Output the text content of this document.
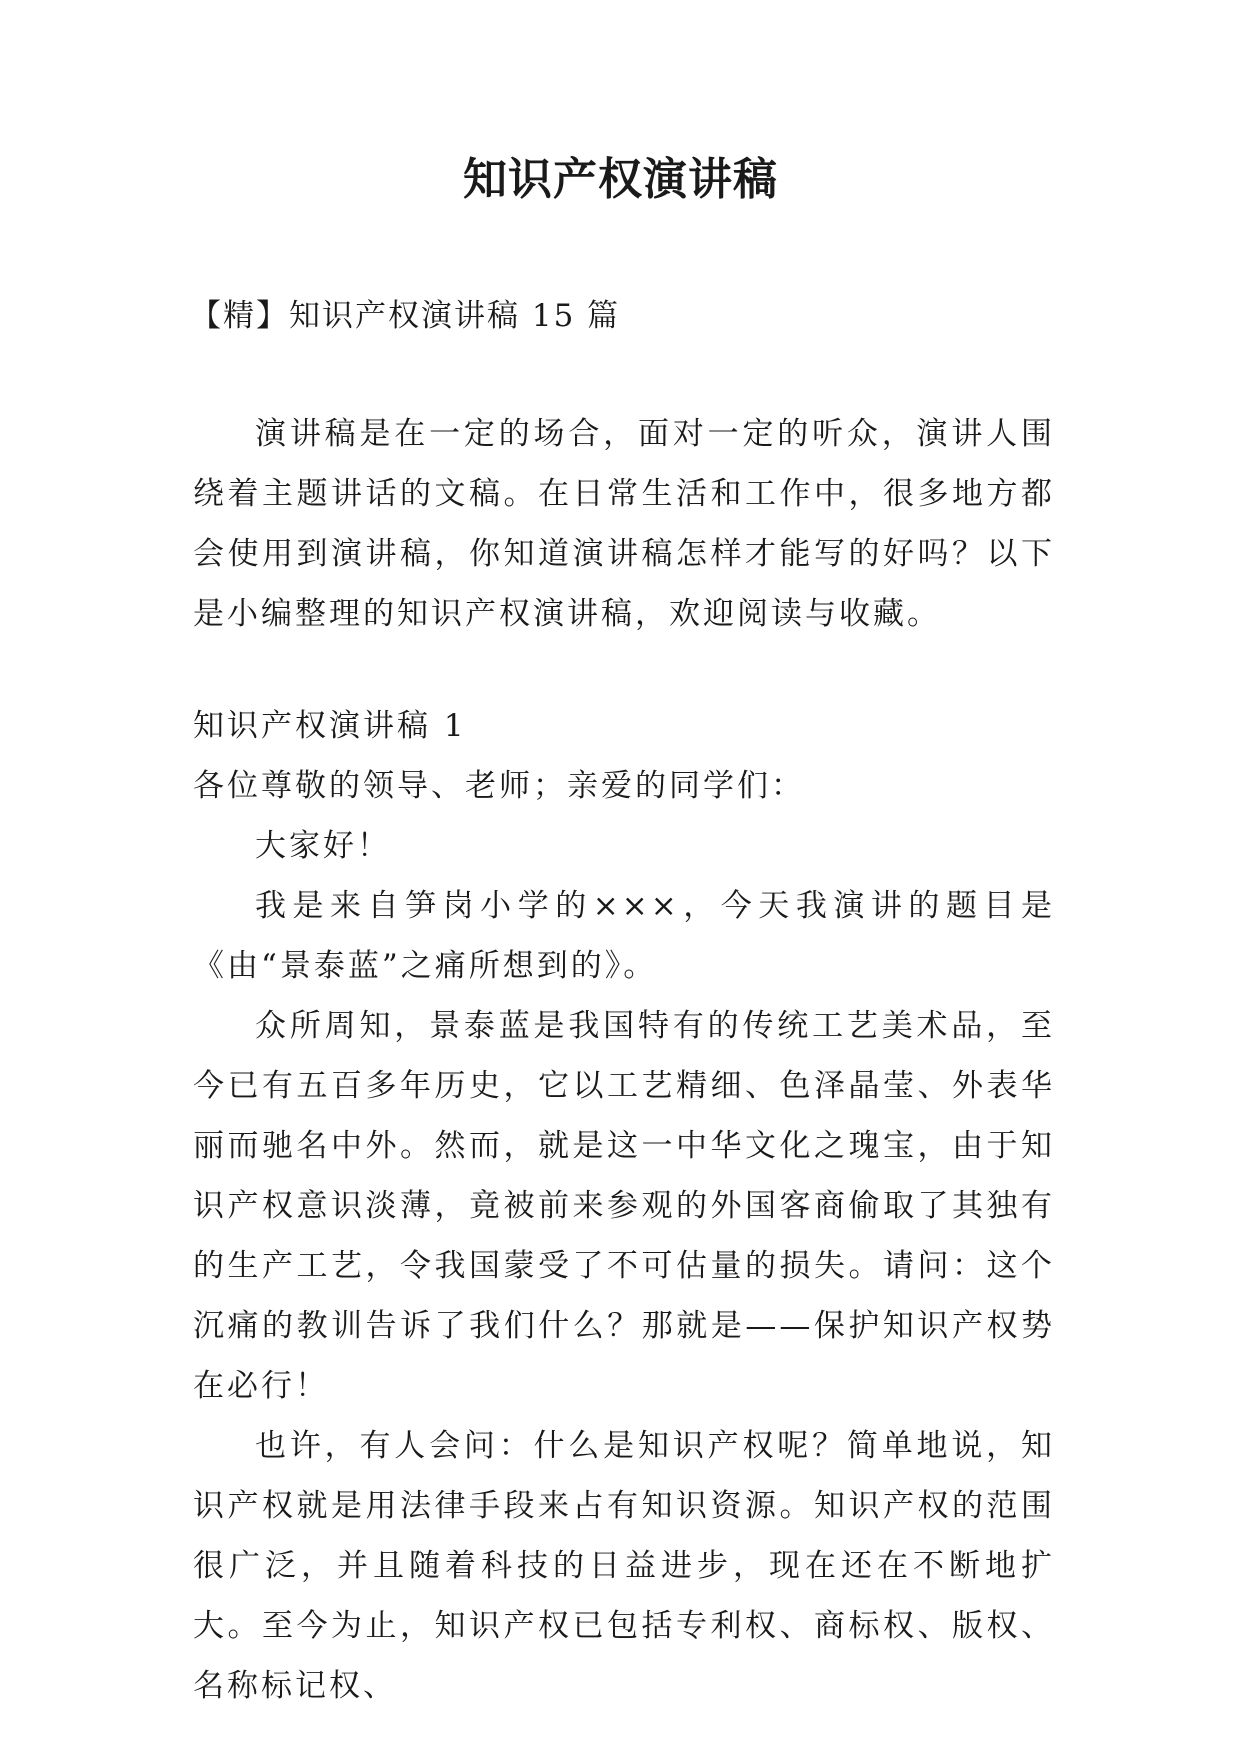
知识产权演讲稿
【精】知识产权演讲稿 15 篇

演讲稿是在一定的场合，面对一定的听众，演讲人围绕着主题讲话的文稿。在日常生活和工作中，很多地方都会使用到演讲稿，你知道演讲稿怎样才能写的好吗？以下是小编整理的知识产权演讲稿，欢迎阅读与收藏。

知识产权演讲稿 1

各位尊敬的领导、老师；亲爱的同学们：

大家好！

我是来自笋岗小学的×××，今天我演讲的题目是《由“景泰蓝”之痛所想到的》。

众所周知，景泰蓝是我国特有的传统工艺美术品，至今已有五百多年历史，它以工艺精细、色泽晶莹、外表华丽而驰名中外。然而，就是这一中华文化之瑰宝，由于知识产权意识淡薄，竟被前来参观的外国客商偷取了其独有的生产工艺，令我国蒙受了不可估量的损失。请问：这个沉痛的教训告诉了我们什么？那就是——保护知识产权势在必行！

也许，有人会问：什么是知识产权呢？简单地说，知识产权就是用法律手段来占有知识资源。知识产权的范围很广泛，并且随着科技的日益进步，现在还在不断地扩大。至今为止，知识产权已包括专利权、商标权、版权、名称标记权、
